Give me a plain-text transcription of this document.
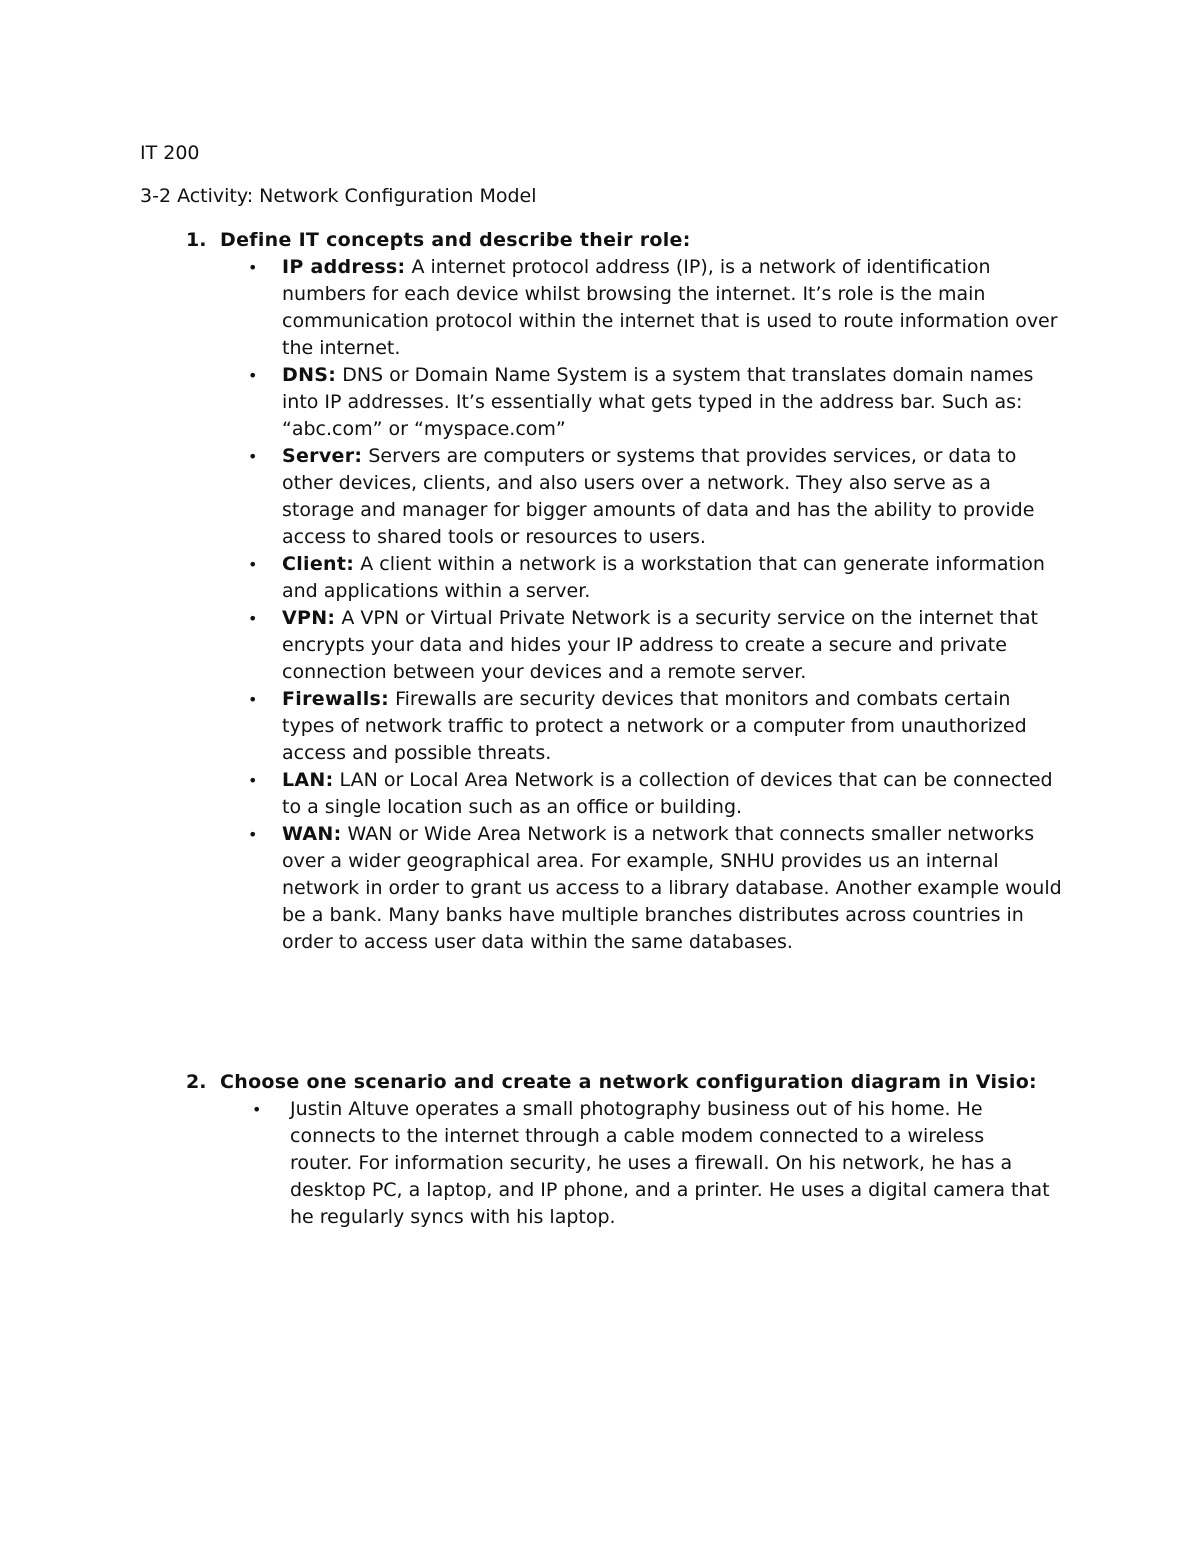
IT 200
3-2 Activity: Network Configuration Model
1. Define IT concepts and describe their role:
• IP address: A internet protocol address (IP), is a network of identification numbers for each device whilst browsing the internet. It’s role is the main communication protocol within the internet that is used to route information over the internet.
• DNS: DNS or Domain Name System is a system that translates domain names into IP addresses. It’s essentially what gets typed in the address bar. Such as: “abc.com” or “myspace.com”
• Server: Servers are computers or systems that provides services, or data to other devices, clients, and also users over a network. They also serve as a storage and manager for bigger amounts of data and has the ability to provide access to shared tools or resources to users.
• Client: A client within a network is a workstation that can generate information and applications within a server.
• VPN: A VPN or Virtual Private Network is a security service on the internet that encrypts your data and hides your IP address to create a secure and private connection between your devices and a remote server.
• Firewalls: Firewalls are security devices that monitors and combats certain types of network traffic to protect a network or a computer from unauthorized access and possible threats.
• LAN: LAN or Local Area Network is a collection of devices that can be connected to a single location such as an office or building.
• WAN: WAN or Wide Area Network is a network that connects smaller networks over a wider geographical area. For example, SNHU provides us an internal network in order to grant us access to a library database. Another example would be a bank. Many banks have multiple branches distributes across countries in order to access user data within the same databases.
2. Choose one scenario and create a network configuration diagram in Visio:
• Justin Altuve operates a small photography business out of his home. He connects to the internet through a cable modem connected to a wireless router. For information security, he uses a firewall. On his network, he has a desktop PC, a laptop, and IP phone, and a printer. He uses a digital camera that he regularly syncs with his laptop.
